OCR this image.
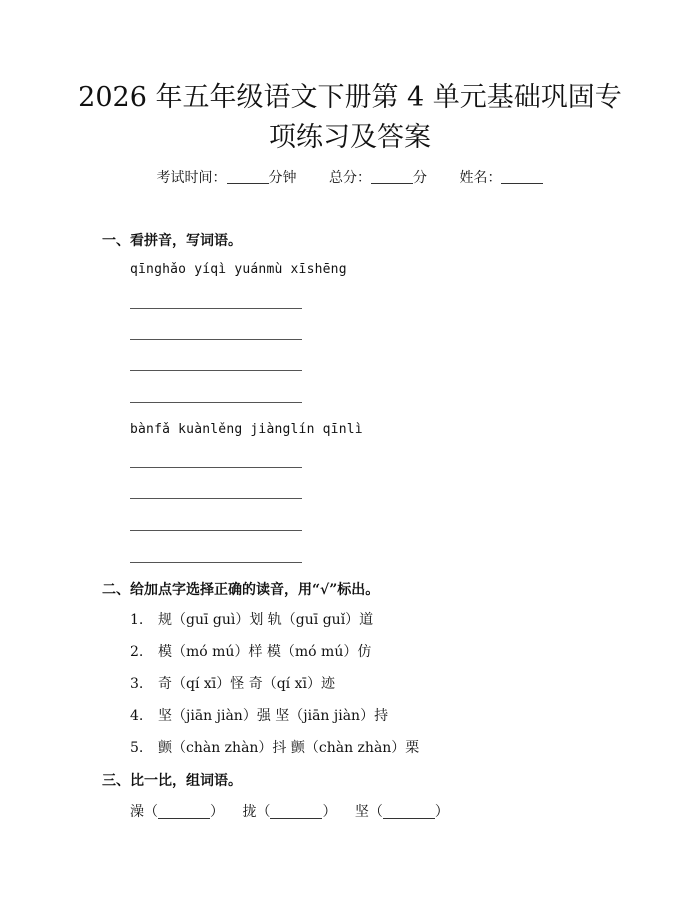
2026 年五年级语文下册第 4 单元基础巩固专
项练习及答案
考试时间：	分钟 总分：	分 姓名：
一、看拼音，写词语。
qīnghǎo yíqì yuánmù xīshēng
bànfǎ kuànlěng jiànglín qīnlì
二、给加点字选择正确的读音，用“√”标出。
1. 规（guī guì）划 轨（guī guǐ）道
2. 模（mó mú）样 模（mó mú）仿
3. 奇（qí xī）怪 奇（qí xī）迹
4. 坚（jiān jiàn）强 坚（jiān jiàn）持
5. 颤（chàn zhàn）抖 颤（chàn zhàn）栗
三、比一比，组词语。
澡（	） 拢（	） 坚（	）
